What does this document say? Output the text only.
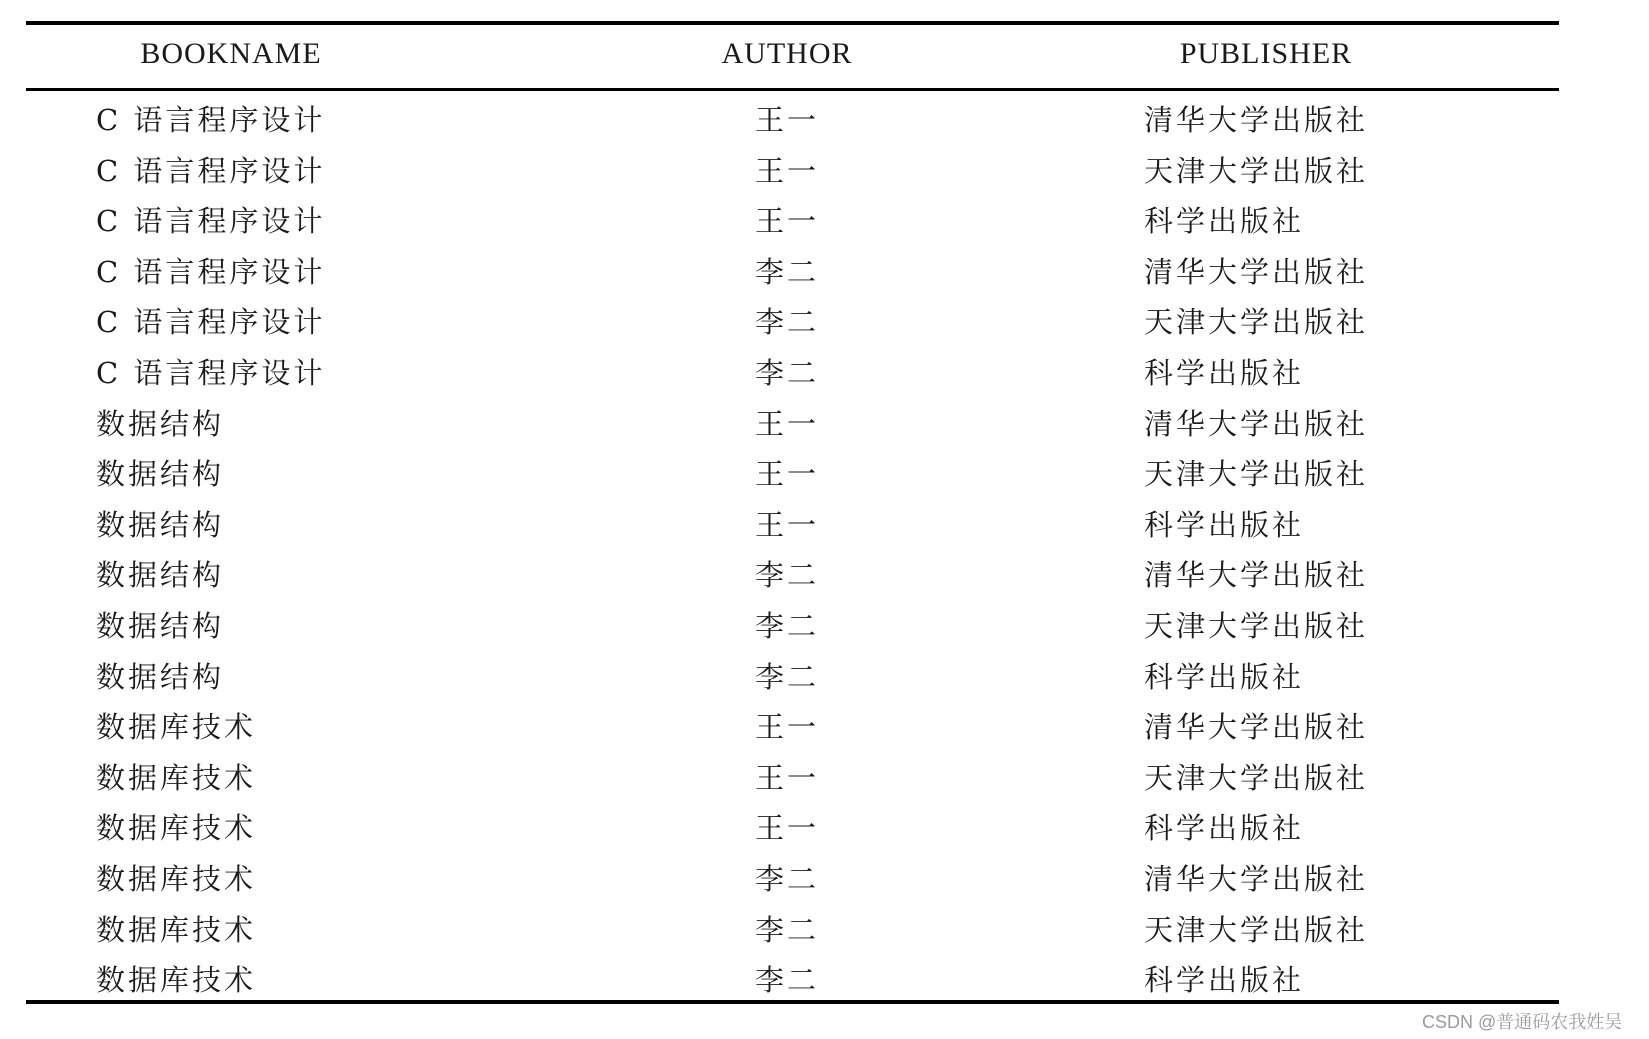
BOOKNAME	AUTHOR	PUBLISHER
C 语言程序设计	王一	清华大学出版社
C 语言程序设计	王一	天津大学出版社
C 语言程序设计	王一	科学出版社
C 语言程序设计	李二	清华大学出版社
C 语言程序设计	李二	天津大学出版社
C 语言程序设计	李二	科学出版社
数据结构	王一	清华大学出版社
数据结构	王一	天津大学出版社
数据结构	王一	科学出版社
数据结构	李二	清华大学出版社
数据结构	李二	天津大学出版社
数据结构	李二	科学出版社
数据库技术	王一	清华大学出版社
数据库技术	王一	天津大学出版社
数据库技术	王一	科学出版社
数据库技术	李二	清华大学出版社
数据库技术	李二	天津大学出版社
数据库技术	李二	科学出版社
CSDN @普通码农我姓吴
